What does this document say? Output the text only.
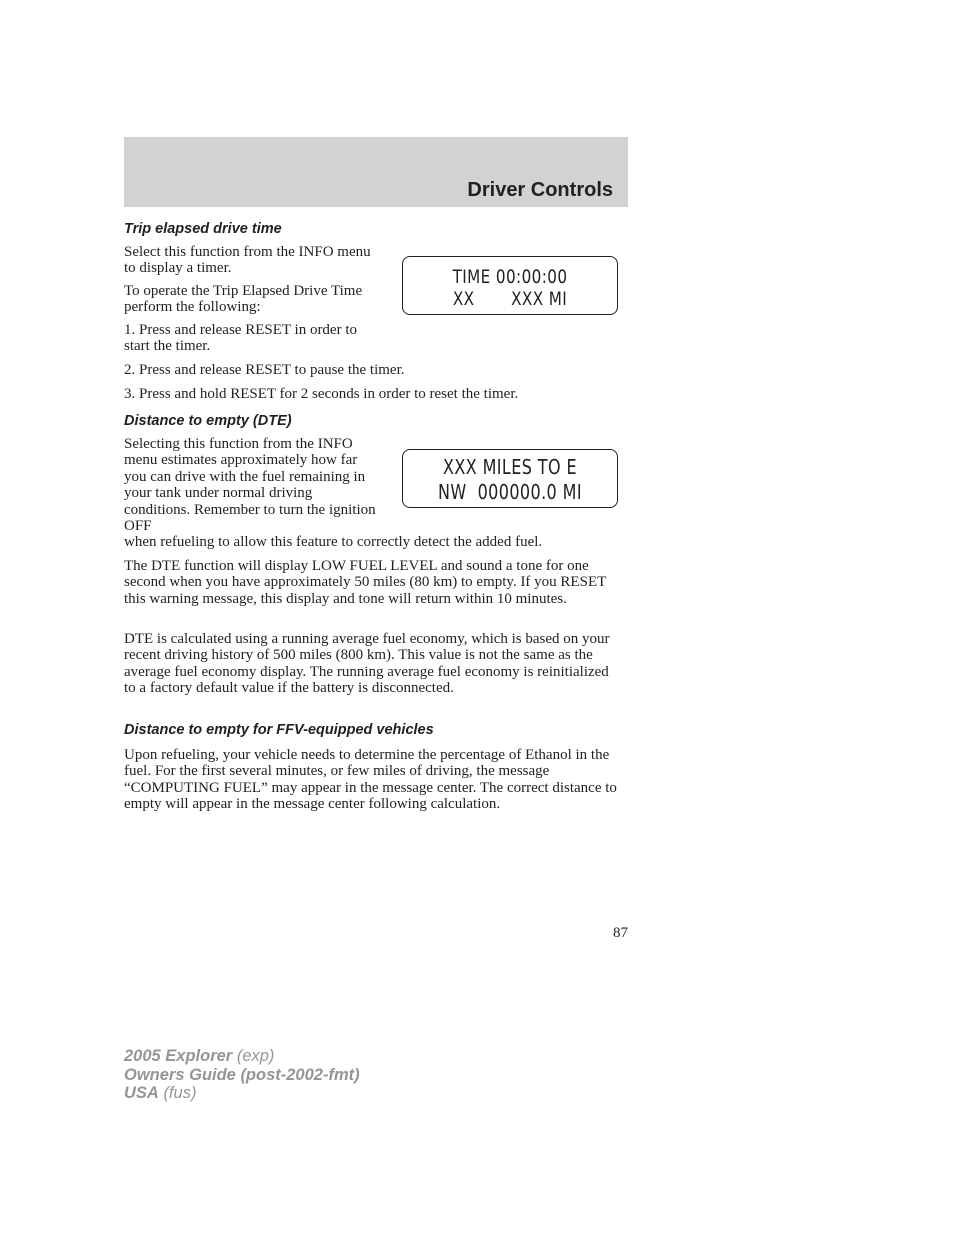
Driver Controls
Trip elapsed drive time

Select this function from the INFO menu to display a timer.

To operate the Trip Elapsed Drive Time perform the following:

1. Press and release RESET in order to start the timer.

2. Press and release RESET to pause the timer.

3. Press and hold RESET for 2 seconds in order to reset the timer.

TIME 00:00:00
XX       XXX MI
Distance to empty (DTE)

Selecting this function from the INFO menu estimates approximately how far you can drive with the fuel remaining in your tank under normal driving conditions. Remember to turn the ignition OFF

when refueling to allow this feature to correctly detect the added fuel.

The DTE function will display LOW FUEL LEVEL and sound a tone for one second when you have approximately 50 miles (80 km) to empty. If you RESET this warning message, this display and tone will return within 10 minutes.

DTE is calculated using a running average fuel economy, which is based on your recent driving history of 500 miles (800 km). This value is not the same as the average fuel economy display. The running average fuel economy is reinitialized to a factory default value if the battery is disconnected.

XXX MILES TO E
NW  000000.0 MI
Distance to empty for FFV-equipped vehicles

Upon refueling, your vehicle needs to determine the percentage of Ethanol in the fuel. For the first several minutes, or few miles of driving, the message “COMPUTING FUEL” may appear in the message center. The correct distance to empty will appear in the message center following calculation.

87
2005 Explorer (exp)
Owners Guide (post-2002-fmt)
USA (fus)
